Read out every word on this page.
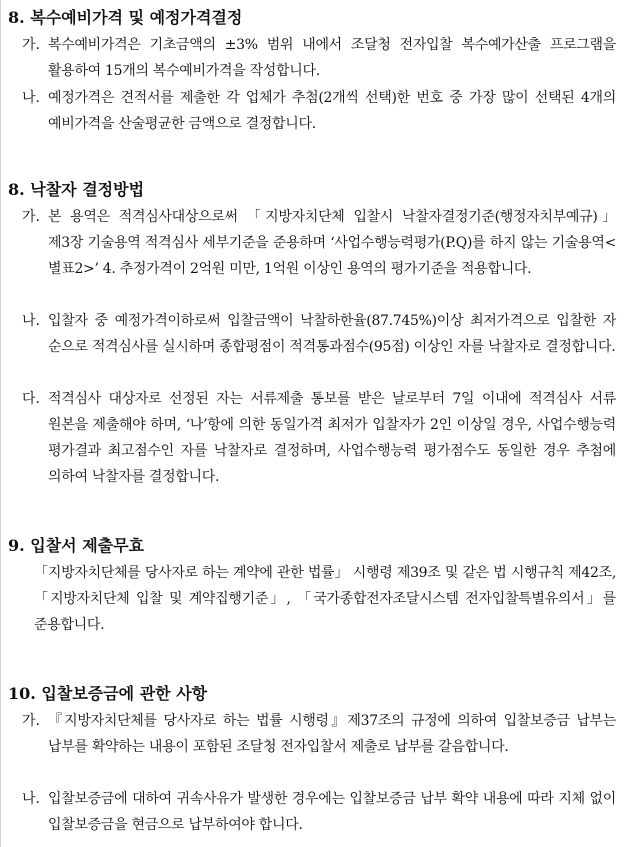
8. 복수예비가격 및 예정가격결정
가. 복수예비가격은 기초금액의 ±3% 범위 내에서 조달청 전자입찰 복수예가산출 프로그램을 활용하여 15개의 복수예비가격을 작성합니다.
나. 예정가격은 견적서를 제출한 각 업체가 추첨(2개씩 선택)한 번호 중 가장 많이 선택된 4개의 예비가격을 산술평균한 금액으로 결정합니다.
8. 낙찰자 결정방법
가. 본 용역은 적격심사대상으로써 「지방자치단체 입찰시 낙찰자결정기준(행정자치부예규)」 제3장 기술용역 적격심사 세부기준을 준용하며 ‘사업수행능력평가(P.Q)를 하지 않는 기술용역<별표2>’ 4. 추정가격이 2억원 미만, 1억원 이상인 용역의 평가기준을 적용합니다.
나. 입찰자 중 예정가격이하로써 입찰금액이 낙찰하한율(87.745%)이상 최저가격으로 입찰한 자 순으로 적격심사를 실시하며 종합평점이 적격통과점수(95점) 이상인 자를 낙찰자로 결정합니다.
다. 적격심사 대상자로 선정된 자는 서류제출 통보를 받은 날로부터 7일 이내에 적격심사 서류 원본을 제출해야 하며, ‘나’항에 의한 동일가격 최저가 입찰자가 2인 이상일 경우, 사업수행능력 평가결과 최고점수인 자를 낙찰자로 결정하며, 사업수행능력 평가점수도 동일한 경우 추첨에 의하여 낙찰자를 결정합니다.
9. 입찰서 제출무효
「지방자치단체를 당사자로 하는 계약에 관한 법률」 시행령 제39조 및 같은 법 시행규칙 제42조,「지방자치단체 입찰 및 계약집행기준」, 「국가종합전자조달시스템 전자입찰특별유의서」를 준용합니다.
10. 입찰보증금에 관한 사항
가. 『지방자치단체를 당사자로 하는 법률 시행령』제37조의 규정에 의하여 입찰보증금 납부는 납부를 확약하는 내용이 포함된 조달청 전자입찰서 제출로 납부를 갈음합니다.
나. 입찰보증금에 대하여 귀속사유가 발생한 경우에는 입찰보증금 납부 확약 내용에 따라 지체 없이 입찰보증금을 현금으로 납부하여야 합니다.
